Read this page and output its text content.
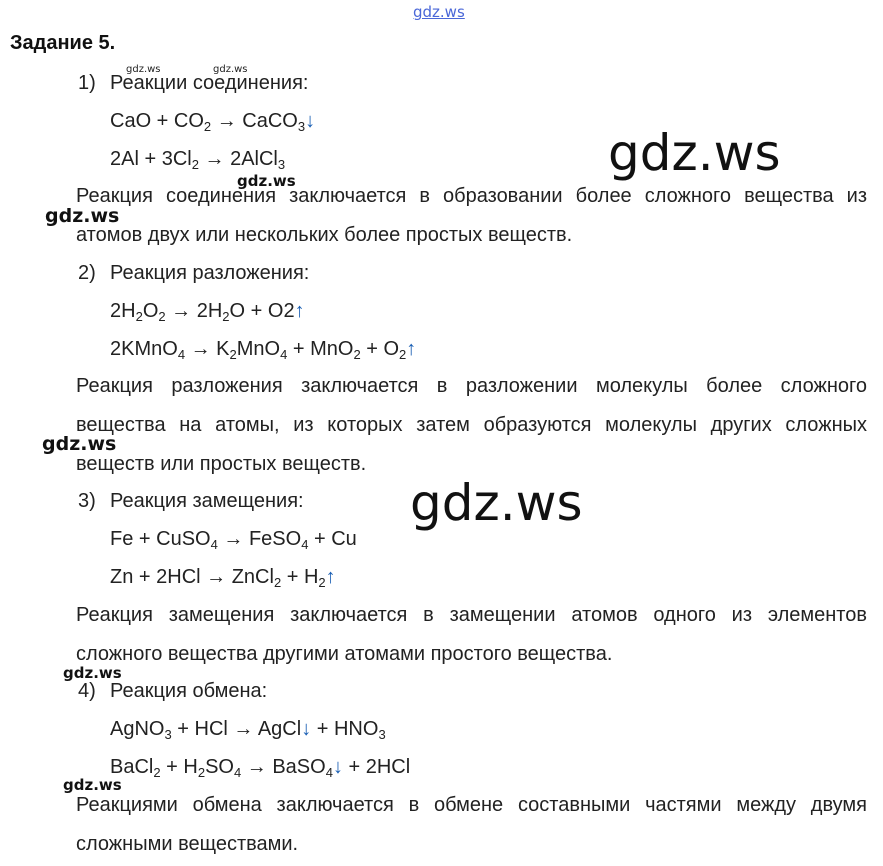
gdz.ws
gdz.ws	gdz.ws
gdz.ws
gdz.ws
gdz.ws
gdz.ws
gdz.ws
gdz.ws
gdz.ws
Задание 5.
1) Реакции соединения:
CaO + $CO_2$ → CaCO$_3$↓
$2Al + 3Cl_2$ → 2AlCl$_3$
Реакция соединения заключается в образовании более сложного вещества из атомов двух или нескольких более простых веществ.
2) Реакция разложения:
$2H_2O_2 \to 2H_2O$ + O2↑
2KMnO$_4$ → $K_2MnO_4 + MnO_2$ + $O_2↑$
Реакция разложения заключается в разложении молекулы более сложного вещества на атомы, из которых затем образуются молекулы других сложных веществ или простых веществ.
3) Реакция замещения:
Fe + CuSO$_4$ → FeSO$_4$ + Cu
Zn + 2HCl → ZnCl$_2$ + $H_2↑$
Реакция замещения заключается в замещении атомов одного из элементов сложного вещества другими атомами простого вещества.
4) Реакция обмена:
AgNO$_3$ + HCl → AgCl↓ + $HNO_3$
BaCl$_2$ + $H_2SO_4$ → BaSO$_4$↓ + 2HCl
Реакциями обмена заключается в обмене составными частями между двумя сложными веществами.
